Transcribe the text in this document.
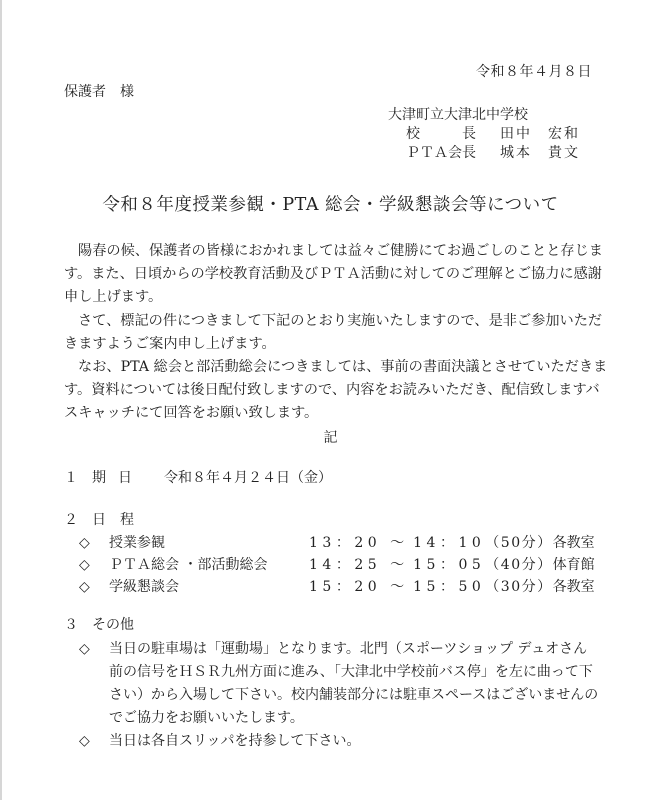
令和８年４月８日
保護者　様
大津町立大津北中学校
校　　　長 田中　宏和
ＰＴＡ会長 城本　貴文
令和８年度授業参観・PTA 総会・学級懇談会等について

陽春の候、保護者の皆様におかれましては益々ご健勝にてお過ごしのことと存じま
す。また、日頃からの学校教育活動及びＰＴＡ活動に対してのご理解とご協力に感謝
申し上げます。

さて、標記の件につきまして下記のとおり実施いたしますので、是非ご参加いただ
きますようご案内申し上げます。

なお、PTA 総会と部活動総会につきましては、事前の書面決議とさせていただきま
す。資料については後日配付致しますので、内容をお読みいただき、配信致しますバ
スキャッチにて回答をお願い致します。

記
１ 期日 令和８年４月２４日（金）
２ 日　程
◇ 授業参観	13：20 ～ 14：10（50分）各教室
◇ ＰＴＡ総会 ・部活動総会	14：25 ～ 15：05（40分）体育館
◇ 学級懇談会	15：20 ～ 15：50（30分）各教室
３ その他
◇ 当日の駐車場は「運動場」となります。北門（スポーツショップ デュオさん
前の信号をＨＳＲ九州方面に進み、「大津北中学校前バス停」を左に曲って下
さい）から入場して下さい。校内舗装部分には駐車スペースはございませんの
でご協力をお願いいたします。
◇ 当日は各自スリッパを持参して下さい。
